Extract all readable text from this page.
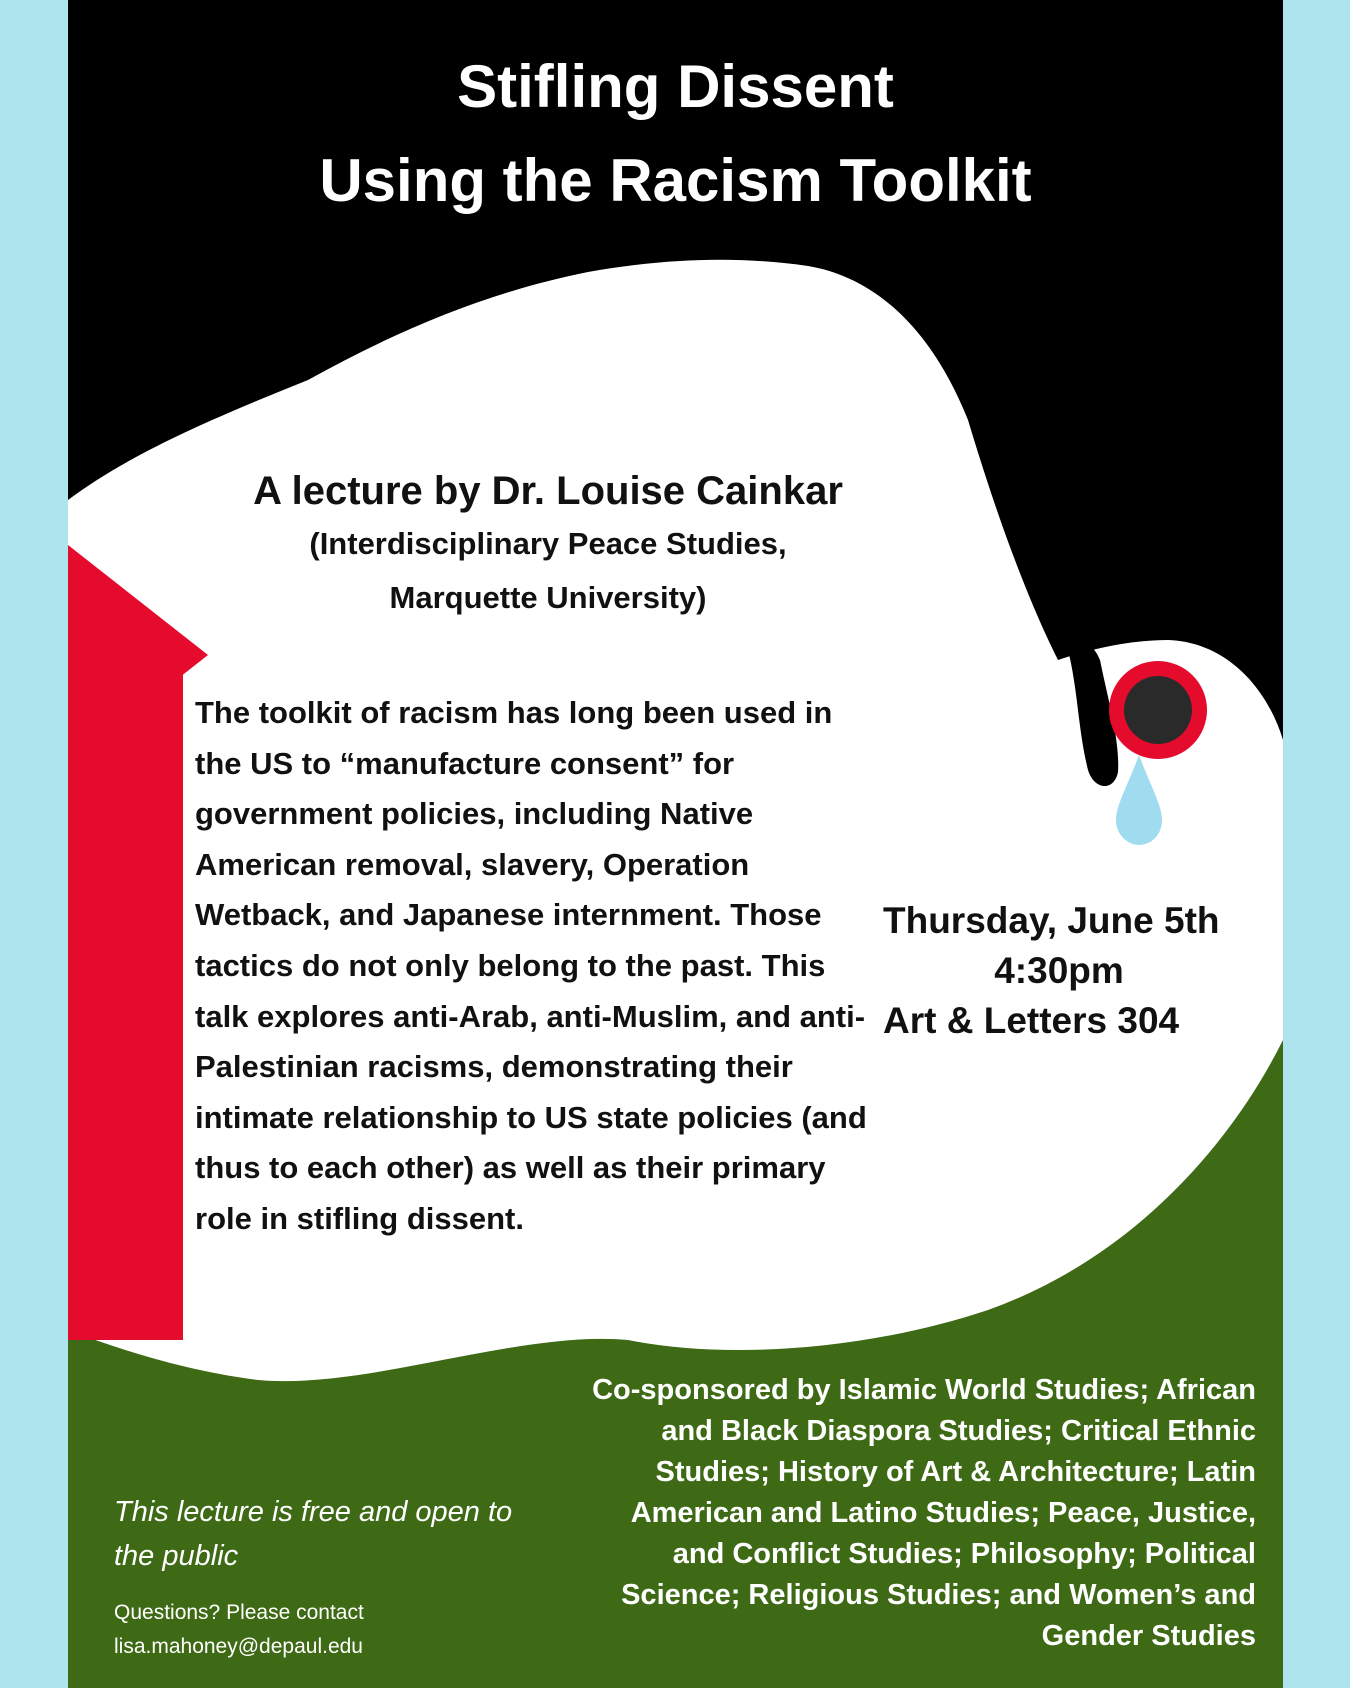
Stifling Dissent
Using the Racism Toolkit
A lecture by Dr. Louise Cainkar
(Interdisciplinary Peace Studies,
Marquette University)

The toolkit of racism has long been used in the US to “manufacture consent” for government policies, including Native American removal, slavery, Operation Wetback, and Japanese internment. Those tactics do not only belong to the past. This talk explores anti-Arab, anti-Muslim, and anti-Palestinian racisms, demonstrating their intimate relationship to US state policies (and thus to each other) as well as their primary role in stifling dissent.

Thursday, June 5th
4:30pm
Art & Letters 304

Co-sponsored by Islamic World Studies; African and Black Diaspora Studies; Critical Ethnic Studies; History of Art & Architecture; Latin American and Latino Studies; Peace, Justice, and Conflict Studies; Philosophy; Political Science; Religious Studies; and Women’s and Gender Studies

This lecture is free and open to the public

Questions? Please contact
lisa.mahoney@depaul.edu
